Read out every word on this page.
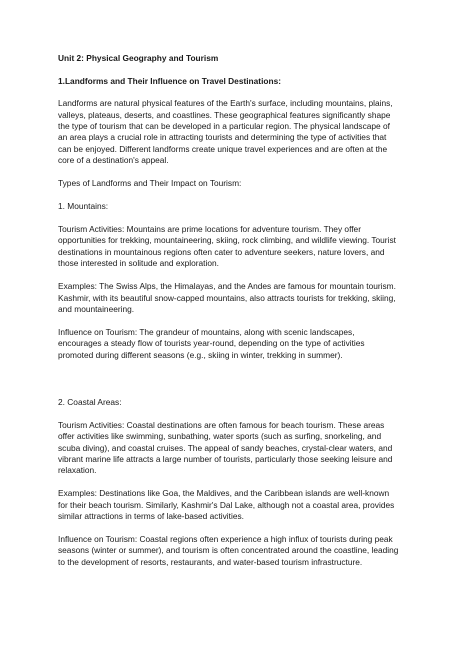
Unit 2: Physical Geography and Tourism
1.Landforms and Their Influence on Travel Destinations:
Landforms are natural physical features of the Earth's surface, including mountains, plains,
valleys, plateaus, deserts, and coastlines. These geographical features significantly shape
the type of tourism that can be developed in a particular region. The physical landscape of
an area plays a crucial role in attracting tourists and determining the type of activities that
can be enjoyed. Different landforms create unique travel experiences and are often at the
core of a destination's appeal.
Types of Landforms and Their Impact on Tourism:
1. Mountains:
Tourism Activities: Mountains are prime locations for adventure tourism. They offer
opportunities for trekking, mountaineering, skiing, rock climbing, and wildlife viewing. Tourist
destinations in mountainous regions often cater to adventure seekers, nature lovers, and
those interested in solitude and exploration.
Examples: The Swiss Alps, the Himalayas, and the Andes are famous for mountain tourism.
Kashmir, with its beautiful snow-capped mountains, also attracts tourists for trekking, skiing,
and mountaineering.
Influence on Tourism: The grandeur of mountains, along with scenic landscapes,
encourages a steady flow of tourists year-round, depending on the type of activities
promoted during different seasons (e.g., skiing in winter, trekking in summer).
2. Coastal Areas:
Tourism Activities: Coastal destinations are often famous for beach tourism. These areas
offer activities like swimming, sunbathing, water sports (such as surfing, snorkeling, and
scuba diving), and coastal cruises. The appeal of sandy beaches, crystal-clear waters, and
vibrant marine life attracts a large number of tourists, particularly those seeking leisure and
relaxation.
Examples: Destinations like Goa, the Maldives, and the Caribbean islands are well-known
for their beach tourism. Similarly, Kashmir's Dal Lake, although not a coastal area, provides
similar attractions in terms of lake-based activities.
Influence on Tourism: Coastal regions often experience a high influx of tourists during peak
seasons (winter or summer), and tourism is often concentrated around the coastline, leading
to the development of resorts, restaurants, and water-based tourism infrastructure.
